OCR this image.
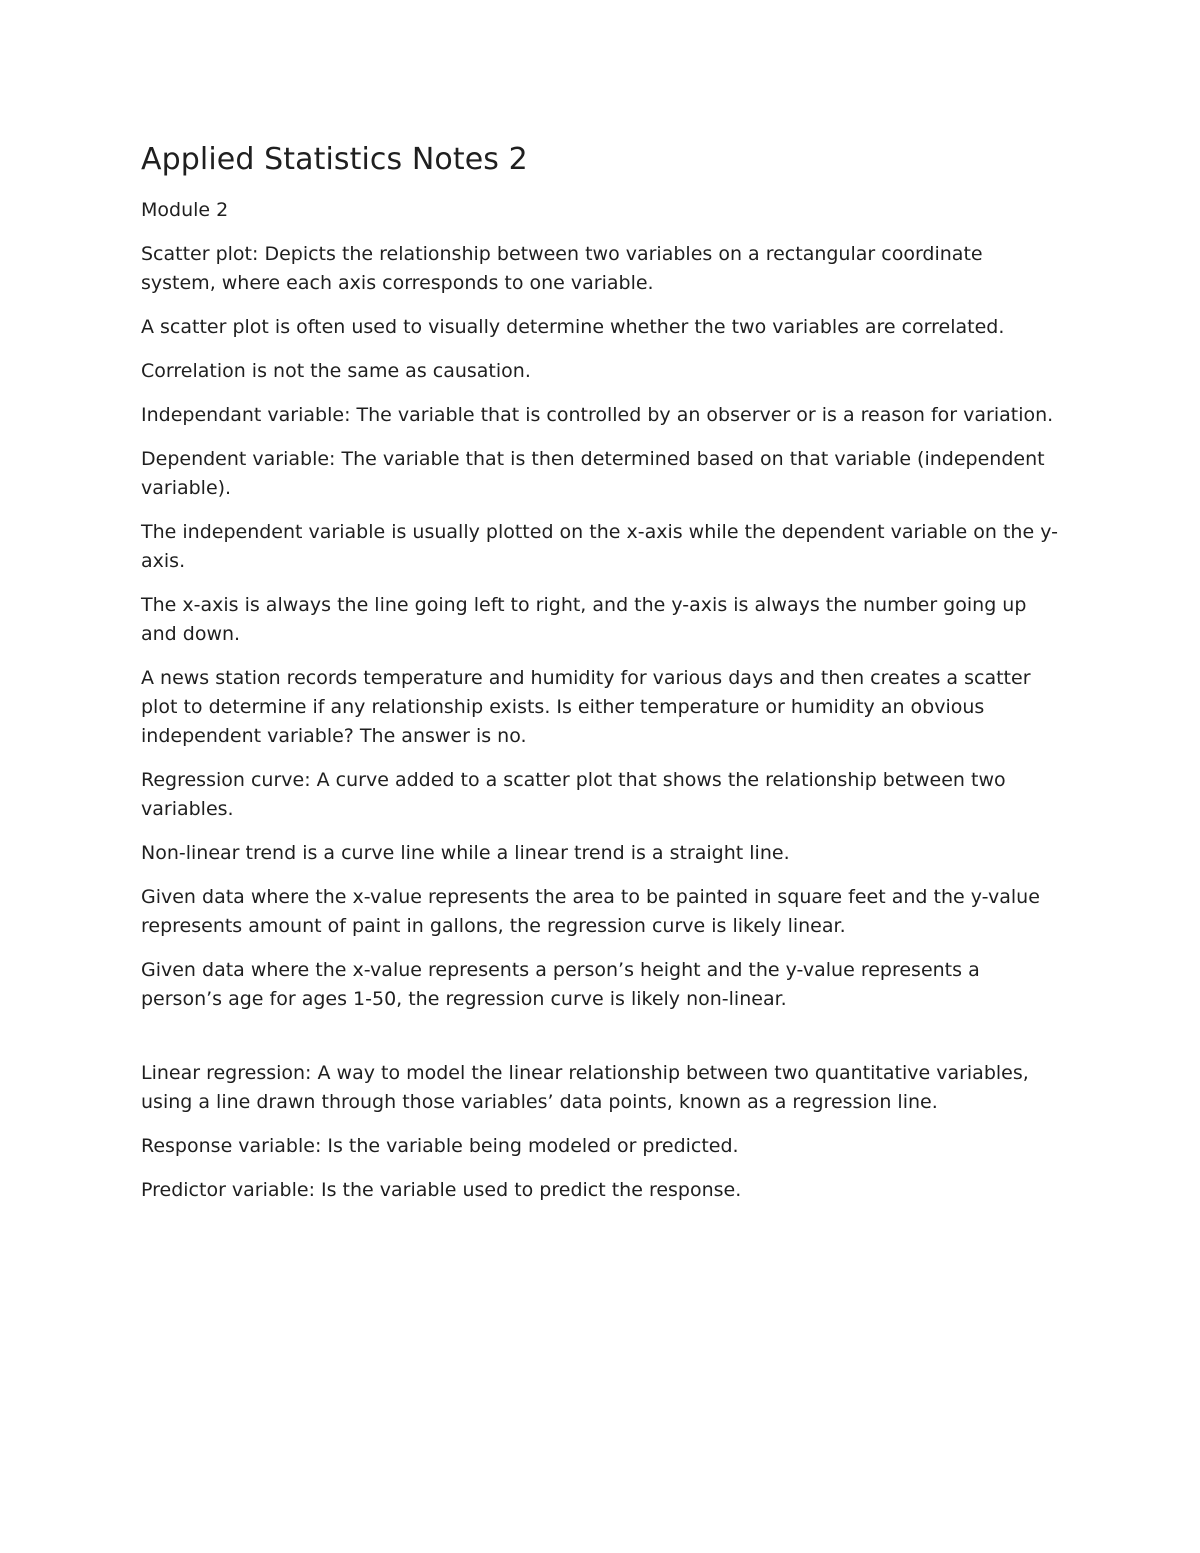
Applied Statistics Notes 2

Module 2

Scatter plot: Depicts the relationship between two variables on a rectangular coordinate system, where each axis corresponds to one variable.

A scatter plot is often used to visually determine whether the two variables are correlated.

Correlation is not the same as causation.

Independant variable: The variable that is controlled by an observer or is a reason for variation.

Dependent variable: The variable that is then determined based on that variable (independent variable).

The independent variable is usually plotted on the x-axis while the dependent variable on the y-axis.

The x-axis is always the line going left to right, and the y-axis is always the number going up and down.

A news station records temperature and humidity for various days and then creates a scatter plot to determine if any relationship exists. Is either temperature or humidity an obvious independent variable? The answer is no.

Regression curve: A curve added to a scatter plot that shows the relationship between two variables.

Non-linear trend is a curve line while a linear trend is a straight line.

Given data where the x-value represents the area to be painted in square feet and the y-value represents amount of paint in gallons, the regression curve is likely linear.

Given data where the x-value represents a person’s height and the y-value represents a person’s age for ages 1-50, the regression curve is likely non-linear.

Linear regression: A way to model the linear relationship between two quantitative variables, using a line drawn through those variables’ data points, known as a regression line.

Response variable: Is the variable being modeled or predicted.

Predictor variable: Is the variable used to predict the response.
